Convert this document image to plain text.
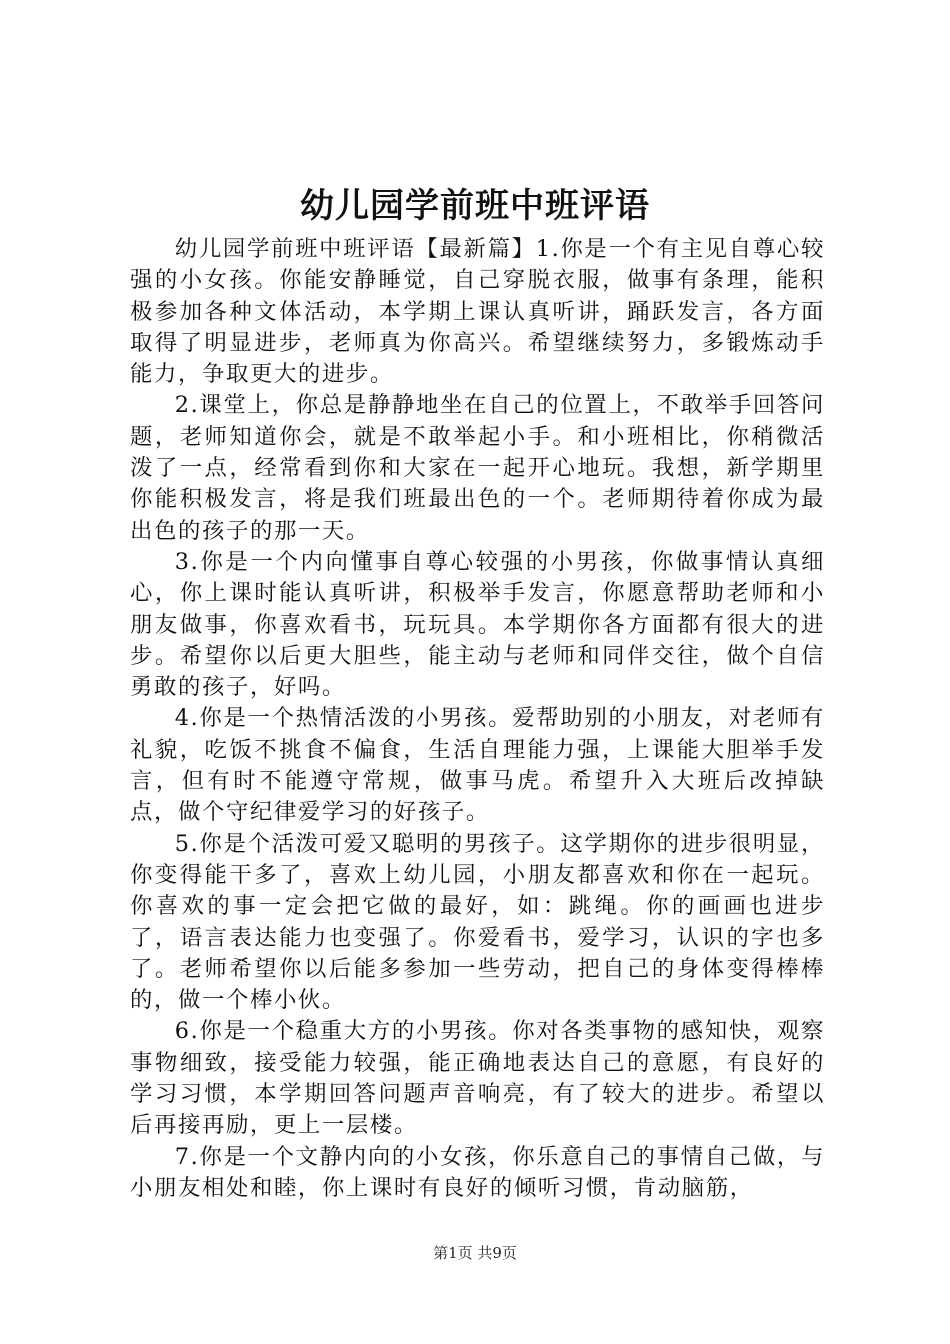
幼儿园学前班中班评语

幼儿园学前班中班评语【最新篇】1.你是一个有主见自尊心较强的小女孩。你能安静睡觉，自己穿脱衣服，做事有条理，能积极参加各种文体活动，本学期上课认真听讲，踊跃发言，各方面取得了明显进步，老师真为你高兴。希望继续努力，多锻炼动手能力，争取更大的进步。

2.课堂上，你总是静静地坐在自己的位置上，不敢举手回答问题，老师知道你会，就是不敢举起小手。和小班相比，你稍微活泼了一点，经常看到你和大家在一起开心地玩。我想，新学期里你能积极发言，将是我们班最出色的一个。老师期待着你成为最出色的孩子的那一天。

3.你是一个内向懂事自尊心较强的小男孩，你做事情认真细心，你上课时能认真听讲，积极举手发言，你愿意帮助老师和小朋友做事，你喜欢看书，玩玩具。本学期你各方面都有很大的进步。希望你以后更大胆些，能主动与老师和同伴交往，做个自信勇敢的孩子，好吗。

4.你是一个热情活泼的小男孩。爱帮助别的小朋友，对老师有礼貌，吃饭不挑食不偏食，生活自理能力强，上课能大胆举手发言，但有时不能遵守常规，做事马虎。希望升入大班后改掉缺点，做个守纪律爱学习的好孩子。

5.你是个活泼可爱又聪明的男孩子。这学期你的进步很明显，你变得能干多了，喜欢上幼儿园，小朋友都喜欢和你在一起玩。你喜欢的事一定会把它做的最好，如：跳绳。你的画画也进步了，语言表达能力也变强了。你爱看书，爱学习，认识的字也多了。老师希望你以后能多参加一些劳动，把自己的身体变得棒棒的，做一个棒小伙。

6.你是一个稳重大方的小男孩。你对各类事物的感知快，观察事物细致，接受能力较强，能正确地表达自己的意愿，有良好的学习习惯，本学期回答问题声音响亮，有了较大的进步。希望以后再接再励，更上一层楼。

7.你是一个文静内向的小女孩，你乐意自己的事情自己做，与小朋友相处和睦，你上课时有良好的倾听习惯，肯动脑筋，

第1页 共9页
